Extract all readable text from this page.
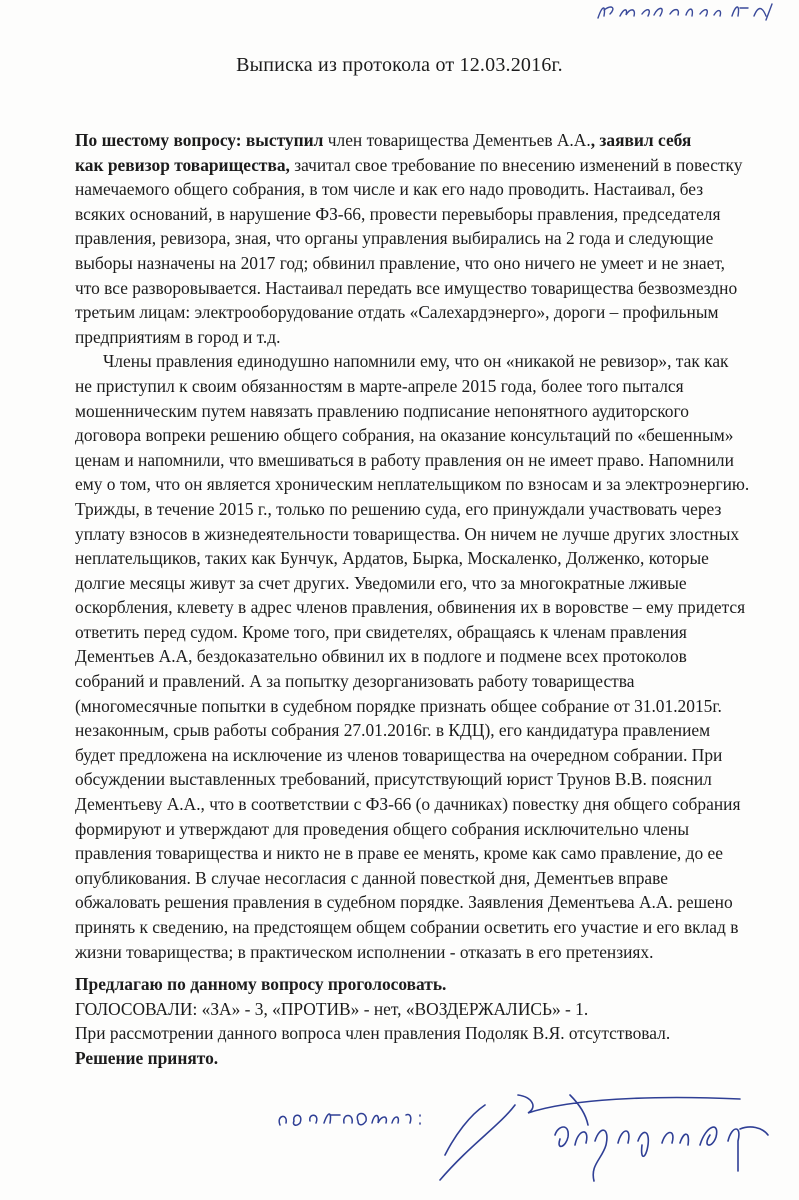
Выписка из протокола от 12.03.2016г.

По шестому вопросу: выступил член товарищества Дементьев А.А., заявил себя
как ревизор товарищества, зачитал свое требование по внесению изменений в повестку
намечаемого общего собрания, в том числе и как его надо проводить. Настаивал, без
всяких оснований, в нарушение ФЗ-66, провести перевыборы правления, председателя
правления, ревизора, зная, что органы управления выбирались на 2 года и следующие
выборы назначены на 2017 год; обвинил правление, что оно ничего не умеет и не знает,
что все разворовывается. Настаивал передать все имущество товарищества безвозмездно
третьим лицам: электрооборудование отдать «Салехардэнерго», дороги – профильным
предприятиям в город и т.д.

Члены правления единодушно напомнили ему, что он «никакой не ревизор», так как
не приступил к своим обязанностям в марте-апреле 2015 года, более того пытался
мошенническим путем навязать правлению подписание непонятного аудиторского
договора вопреки решению общего собрания, на оказание консультаций по «бешенным»
ценам и напомнили, что вмешиваться в работу правления он не имеет право. Напомнили
ему о том, что он является хроническим неплательщиком по взносам и за электроэнергию.
Трижды, в течение 2015 г., только по решению суда, его принуждали участвовать через
уплату взносов в жизнедеятельности товарищества. Он ничем не лучше других злостных
неплательщиков, таких как Бунчук, Ардатов, Бырка, Москаленко, Долженко, которые
долгие месяцы живут за счет других. Уведомили его, что за многократные лживые
оскорбления, клевету в адрес членов правления, обвинения их в воровстве – ему придется
ответить перед судом. Кроме того, при свидетелях, обращаясь к членам правления
Дементьев А.А, бездоказательно обвинил их в подлоге и подмене всех протоколов
собраний и правлений. А за попытку дезорганизовать работу товарищества
(многомесячные попытки в судебном порядке признать общее собрание от 31.01.2015г.
незаконным, срыв работы собрания 27.01.2016г. в КДЦ), его кандидатура правлением
будет предложена на исключение из членов товарищества на очередном собрании. При
обсуждении выставленных требований, присутствующий юрист Трунов В.В. пояснил
Дементьеву А.А., что в соответствии с ФЗ-66 (о дачниках) повестку дня общего собрания
формируют и утверждают для проведения общего собрания исключительно члены
правления товарищества и никто не в праве ее менять, кроме как само правление, до ее
опубликования. В случае несогласия с данной повесткой дня, Дементьев вправе
обжаловать решения правления в судебном порядке. Заявления Дементьева А.А. решено
принять к сведению, на предстоящем общем собрании осветить его участие и его вклад в
жизни товарищества; в практическом исполнении - отказать в его претензиях.

Предлагаю по данному вопросу проголосовать.
ГОЛОСОВАЛИ: «ЗА» - 3, «ПРОТИВ» - нет, «ВОЗДЕРЖАЛИСЬ» - 1.
При рассмотрении данного вопроса член правления Подоляк В.Я. отсутствовал.
Решение принято.
